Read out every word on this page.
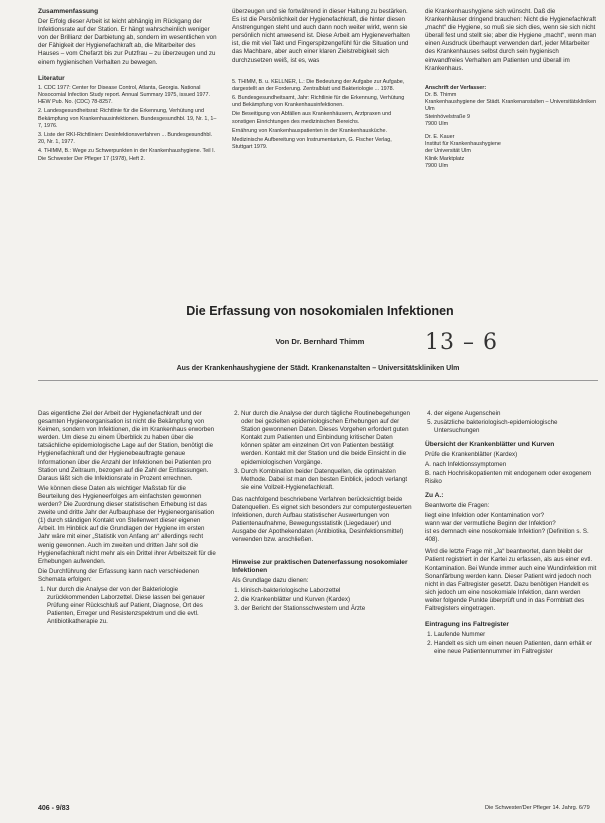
Zusammenfassung

Der Erfolg dieser Arbeit ist leicht abhängig im Rückgang der Infektionsrate auf der Station. Er hängt wahrscheinlich weniger von der Brillianz der Darbietung ab, sondern im wesentlichen von der Fähigkeit der Hygienefachkraft ab, die Mitarbeiter des Hauses – vom Chefarzt bis zur Putzfrau – zu überzeugen und zu einem hygienischen Verhalten zu bewegen.

Literatur
1. CDC 1977: Center for Disease Control, Atlanta, Georgia. National Nosocomial Infection Study report. Annual Summary 1975, issued 1977. HEW Pub. No. (CDC) 78-8257.
2. Landesgesundheitsrat: Richtlinie für die Erkennung, Verhütung und Bekämpfung von Krankenhausinfektionen. Bundesgesundhbl. 19, Nr. 1, 1–7, 1976.
3. Liste der RKI-Richtlinien: Desinfektionsverfahren ... Bundesgesundhbl. 20, Nr. 1, 1977.
4. THIMM, B.: Wege zu Schwerpunkten in der Krankenhaushygiene. Teil I. Die Schwester Der Pfleger 17 (1978), Heft 2.

überzeugen und sie fortwährend in dieser Haltung zu bestärken. Es ist die Persönlichkeit der Hygienefachkraft, die hinter diesen Anstrengungen steht und auch dann noch weiter wirkt, wenn sie persönlich nicht anwesend ist. Diese Arbeit am Hygieneverhalten ist, die mit viel Takt und Fingerspitzengefühl für die Situation und das Machbare, aber auch einer klaren Zielstrebigkeit sich durchzusetzen weiß, ist es, was

5. THIMM, B. u. KELLNER, L.: Die Bedeutung der Aufgabe zur Aufgabe, dargestellt an der Forderung. Zentralblatt und Bakteriologie ... 1978.
6. Bundesgesundheitsamt, Jahr: Richtlinie für die Erkennung, Verhütung und Bekämpfung von Krankenhausinfektionen.
Die Beseitigung von Abfällen aus Krankenhäusern, Arztpraxen und sonstigen Einrichtungen des medizinischen Bereichs.
Ernährung von Krankenhauspatienten in der Krankenhausküche.
Medizinische Aufbereitung von Instrumentarium, G. Fischer Verlag, Stuttgart 1979.

die Krankenhaushygiene sich wünscht. Daß die Krankenhäuser dringend brauchen: Nicht die Hygienefachkraft „macht“ die Hygiene, so muß sie sich dies, wenn sie sich nicht überall fest und stellt sie; aber die Hygiene „macht“, wenn man einen Ausdruck überhaupt verwenden darf, jeder Mitarbeiter des Krankenhauses selbst durch sein hygienisch einwandfreies Verhalten am Patienten und überall im Krankenhaus.

Anschrift der Verfasser:
Dr. B. Thimm
Krankenhaushygiene der Städt. Krankenanstalten – Universitätskliniken Ulm
Steinhövelstraße 9
7900 Ulm
Dr. E. Kauer
Institut für Krankenhaushygiene
der Universität Ulm
Klinik Marktplatz
7900 Ulm
Die Erfassung von nosokomialen Infektionen
Von Dr. Bernhard Thimm	13 – 6
Aus der Krankenhaushygiene der Städt. Krankenanstalten – Universitätskliniken Ulm

Das eigentliche Ziel der Arbeit der Hygienefachkraft und der gesamten Hygieneorganisation ist nicht die Bekämpfung von Keimen, sondern von Infektionen, die im Krankenhaus erworben werden. Um diese zu einem Überblick zu haben über die tatsächliche epidemiologische Lage auf der Station, benötigt die Hygienefachkraft und der Hygienebeauftragte genaue Informationen über die Anzahl der Infektionen bei Patienten pro Station und Zeitraum, bezogen auf die Zahl der Entlassungen. Daraus läßt sich die Infektionsrate in Prozent errechnen.

Wie können diese Daten als wichtiger Maßstab für die Beurteilung des Hygieneerfolges am einfachsten gewonnen werden? Die Zuordnung dieser statistischen Erhebung ist das zweite und dritte Jahr der Aufbauphase der Hygieneorganisation (1) durch ständigen Kontakt von Stellenwert dieser eigenen Arbeit. Im Hinblick auf die Grundlagen der Hygiene im ersten Jahr wäre mit einer „Statistik von Anfang an“ allerdings recht wenig gewonnen. Auch im zweiten und dritten Jahr soll die Hygienefachkraft nicht mehr als ein Drittel ihrer Arbeitszeit für die Erhebungen aufwenden.

Die Durchführung der Erfassung kann nach verschiedenen Schemata erfolgen:

1. Nur durch die Analyse der von der Bakteriologie zurückkommenden Laborzettel. Diese lassen bei genauer Prüfung einer Rückschluß auf Patient, Diagnose, Ort des Patienten, Erreger und Resistenzspektrum und die evtl. Antibiotikatherapie zu.
2. Nur durch die Analyse der durch tägliche Routinebegehungen oder bei gezielten epidemiologischen Erhebungen auf der Station gewonnenen Daten. Dieses Vorgehen erfordert guten Kontakt zum Patienten und Einbindung kritischer Daten können später am einzelnen Ort von Patienten bestätigt werden. Kontakt mit der Station und die beide Einsicht in die epidemiologischen Vorgänge.
3. Durch Kombination beider Datenquellen, die optimalsten Methode. Dabei ist man den besten Einblick, jedoch verlangt sie eine Vollzeit-Hygienefachkraft.

Das nachfolgend beschriebene Verfahren berücksichtigt beide Datenquellen. Es eignet sich besonders zur computergesteuerten Infektionen, durch Aufbau statistischer Auswertungen von Patientenaufnahme, Bewegungsstatistik (Liegedauer) und Ausgabe der Apothekendaten (Antibiotika, Desinfektionsmittel) verwenden bzw. anschließen.

Hinweise zur praktischen Datenerfassung nosokomialer Infektionen

Als Grundlage dazu dienen:

1. klinisch-bakteriologische Laborzettel
2. die Krankenblätter und Kurven (Kardex)
3. der Bericht der Stationsschwestern und Ärzte
4. der eigene Augenschein
5. zusätzliche bakteriologisch-epidemiologische Untersuchungen
Übersicht der Krankenblätter und Kurven

Prüfe die Krankenblätter (Kardex)

A. nach Infektionssymptomen
B. nach Hochrisikopatienten mit endogenem oder exogenem Risiko
Zu A.:

Beantworte die Fragen:

liegt eine Infektion oder Kontamination vor?
wann war der vermutliche Beginn der Infektion?
ist es demnach eine nosokomiale Infektion? (Definition s. S. 408).

Wird die letzte Frage mit „Ja“ beantwortet, dann bleibt der Patient registriert in der Kartei zu erfassen, als aus einer evtl. Kontamination. Bei Wunde immer auch eine Wundinfektion mit Sonanfärbung werden kann. Dieser Patient wird jedoch noch nicht in das Faltregister gesetzt. Dazu benötigen Handelt es sich jedoch um eine nosokomiale Infektion, dann werden weiter folgende Punkte überprüft und in das Formblatt des Faltregisters eingetragen.

Eintragung ins Faltregister
1. Laufende Nummer
2. Handelt es sich um einen neuen Patienten, dann erhält er eine neue Patientennummer im Faltregister
406 - 9/83	Die Schwester/Der Pfleger 14. Jahrg. 6/79
